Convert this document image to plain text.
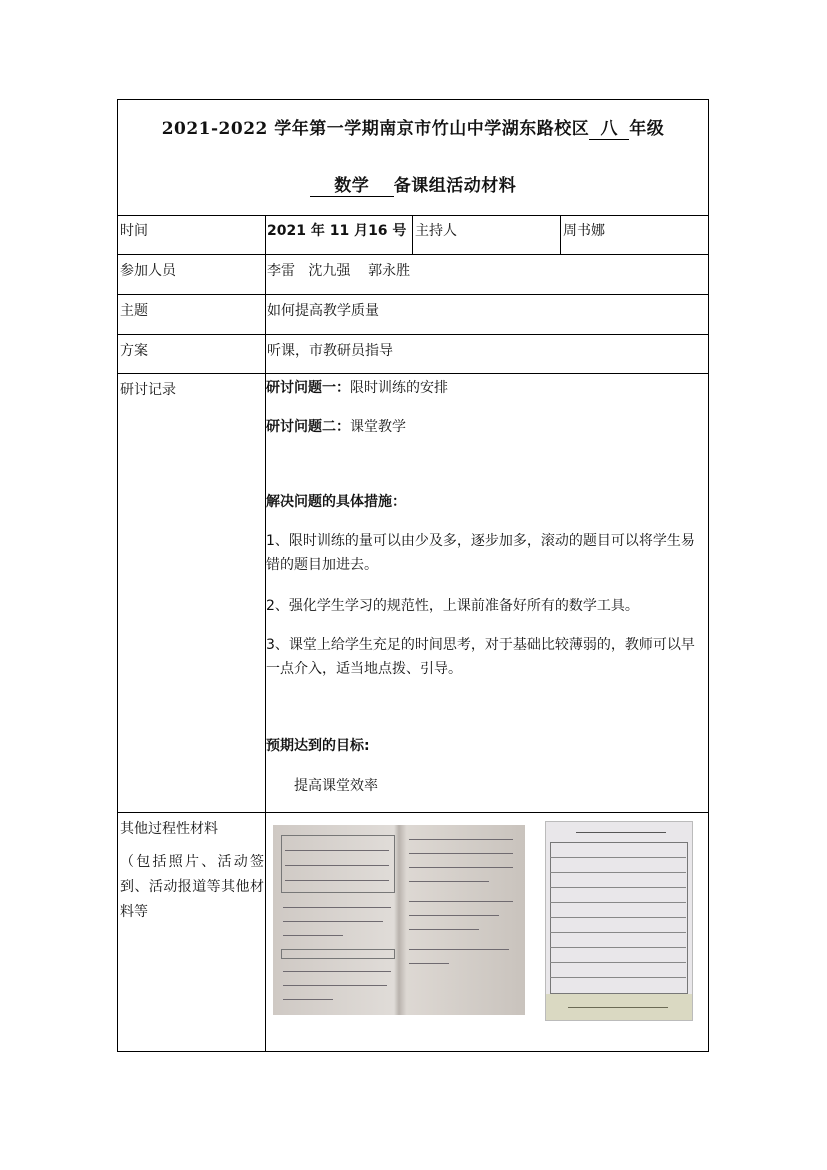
2021-2022 学年第一学期南京市竹山中学湖东路校区 八 年级
数学 备课组活动材料
时间	2021 年 11 月16 号 主持人	周书娜
参加人员	李雷   沈九强    郭永胜
主题	如何提高教学质量
方案	听课，市教研员指导
研讨记录	研讨问题一：限时训练的安排
研讨问题二：课堂教学
解决问题的具体措施：
1、限时训练的量可以由少及多，逐步加多，滚动的题目可以将学生易错的题目加进去。
2、强化学生学习的规范性，上课前准备好所有的数学工具。
3、课堂上给学生充足的时间思考，对于基础比较薄弱的，教师可以早一点介入，适当地点拨、引导。
预期达到的目标:
提高课堂效率
其他过程性材料
（包括照片、活动签到、活动报道等其他材料等
